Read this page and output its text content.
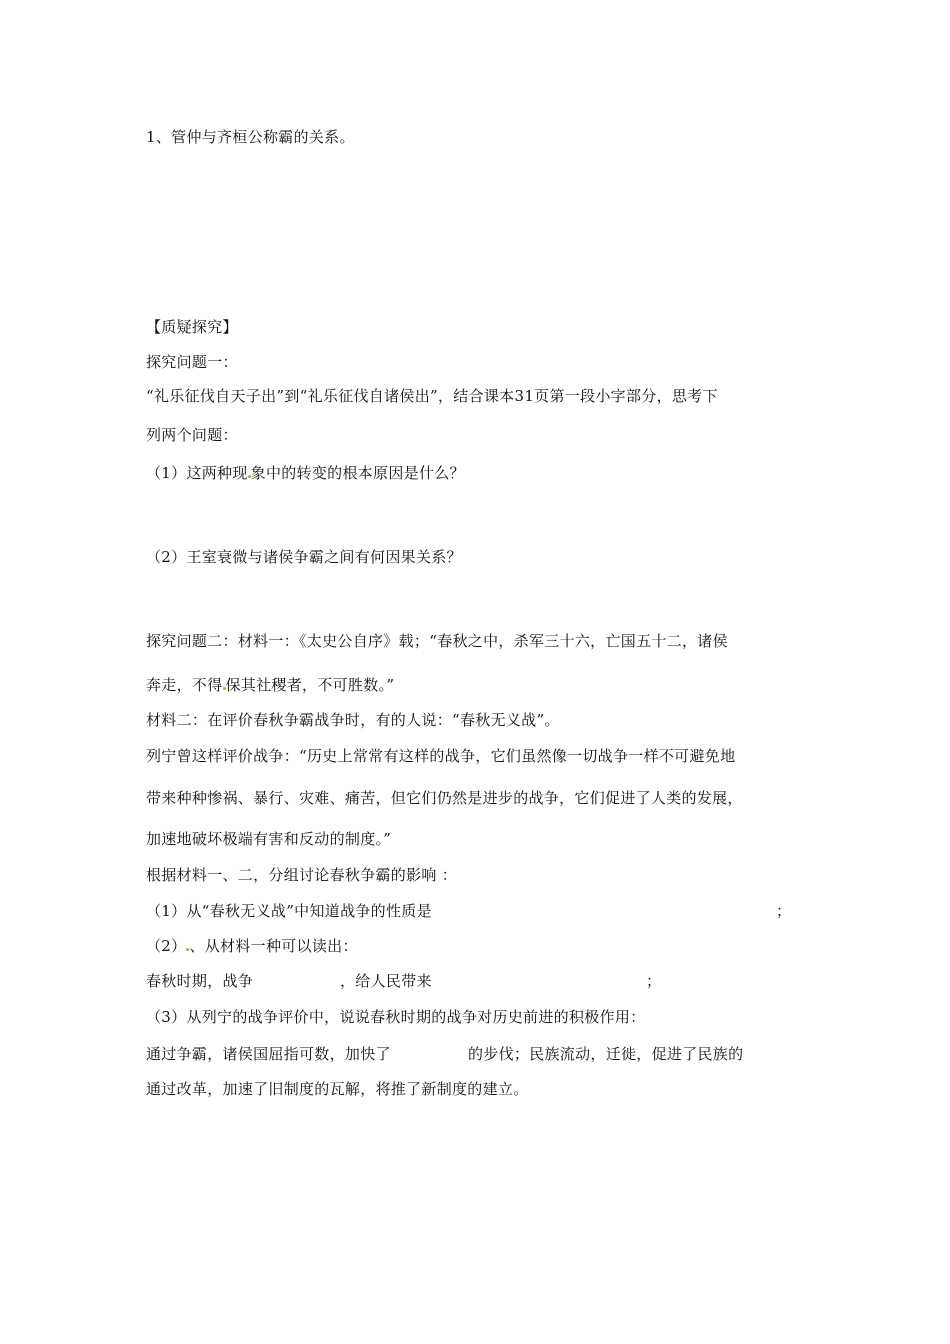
1、管仲与齐桓公称霸的关系。
【质疑探究】
探究问题一：
“礼乐征伐自天子出”到“礼乐征伐自诸侯出”，结合课本31页第一段小字部分，思考下
列两个问题：
（1）这两种现 象中的转变的根本原因是什么？
（2）王室衰微与诸侯争霸之间有何因果关系？
探究问题二：材料一：《太史公自序》载；“春秋之中，杀军三十六，亡国五十二，诸侯
奔走，不得 保其社稷者，不可胜数。”
材料二：在评价春秋争霸战争时，有的人说：“春秋无义战”。
列宁曾这样评价战争：“历史上常常有这样的战争，它们虽然像一切战争一样不可避免地
带来种种惨祸、暴行、灾难、痛苦，但它们仍然是进步的战争，它们促进了人类的发展，
加速地破坏极端有害和反动的制度。”
根据材料一、二，分组讨论春秋争霸的影响 ：
（1）从“春秋无义战”中知道战争的性质是	；
（2） 、从材料一种可以读出：
春秋时期，战争	，给人民带来	；
（3）从列宁的战争评价中，说说春秋时期的战争对历史前进的积极作用：
通过争霸，诸侯国屈指可数，加快了	的步伐；民族流动，迁徙，促进了民族的
通过改革，加速了旧制度的瓦解，将推了新制度的建立。
